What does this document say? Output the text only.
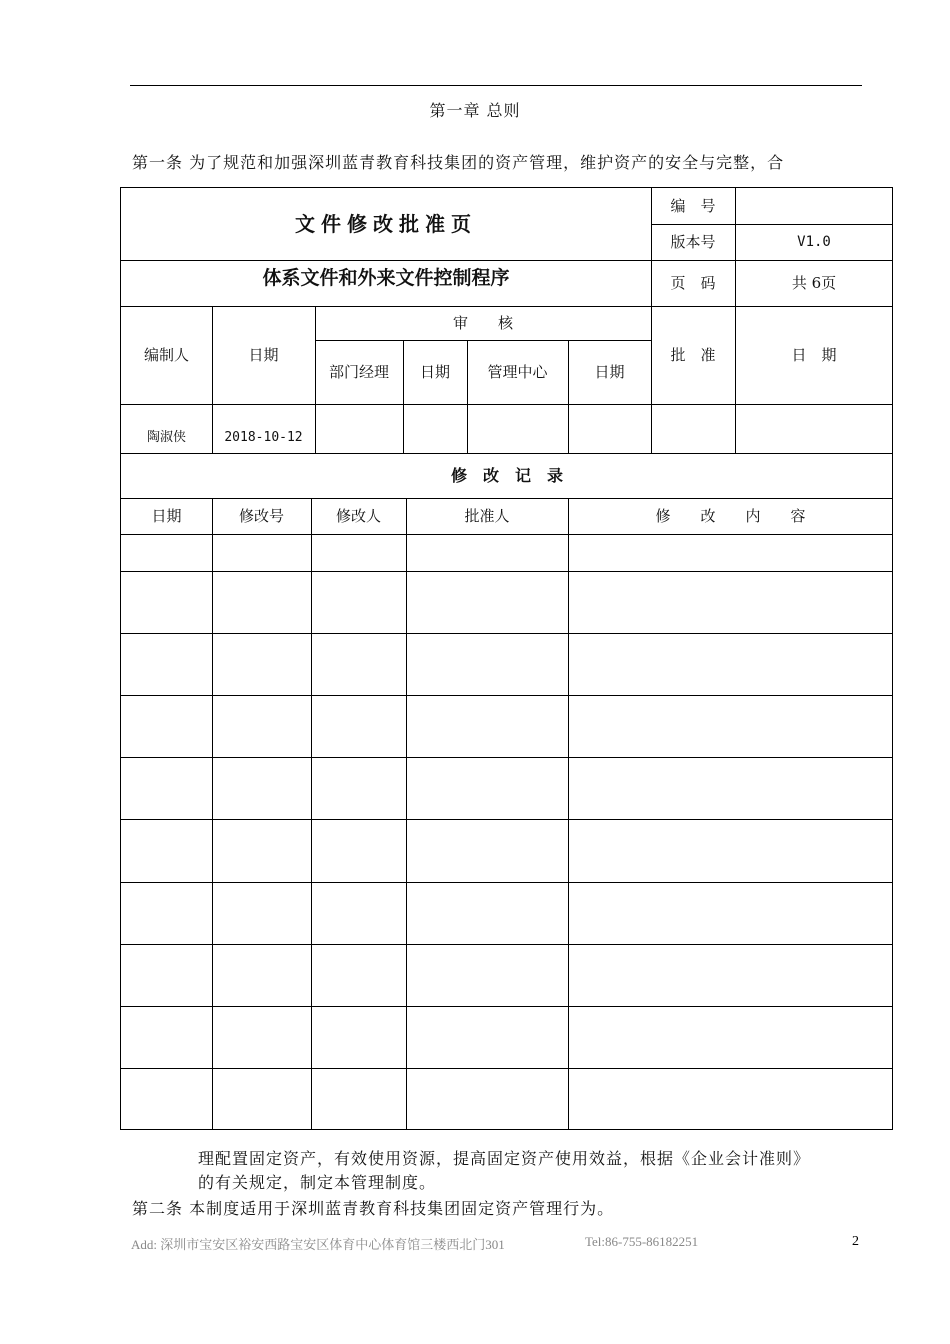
第一章 总则
第一条 为了规范和加强深圳蓝青教育科技集团的资产管理，维护资产的安全与完整，合
文件修改批准页
编　号
版本号	V1.0
体系文件和外来文件控制程序	页　码	共 6页
编制人	日期
审　　核
部门经理	日期	管理中心	日期
批　准	日　期
陶淑侠	2018-10-12
修　改　记　录
日期	修改号	修改人	批准人	修　　改　　内　　容
理配置固定资产，有效使用资源，提高固定资产使用效益，根据《企业会计准则》
的有关规定，制定本管理制度。
第二条 本制度适用于深圳蓝青教育科技集团固定资产管理行为。
Add: 深圳市宝安区裕安西路宝安区体育中心体育馆三楼西北门301	Tel:86-755-86182251	2
